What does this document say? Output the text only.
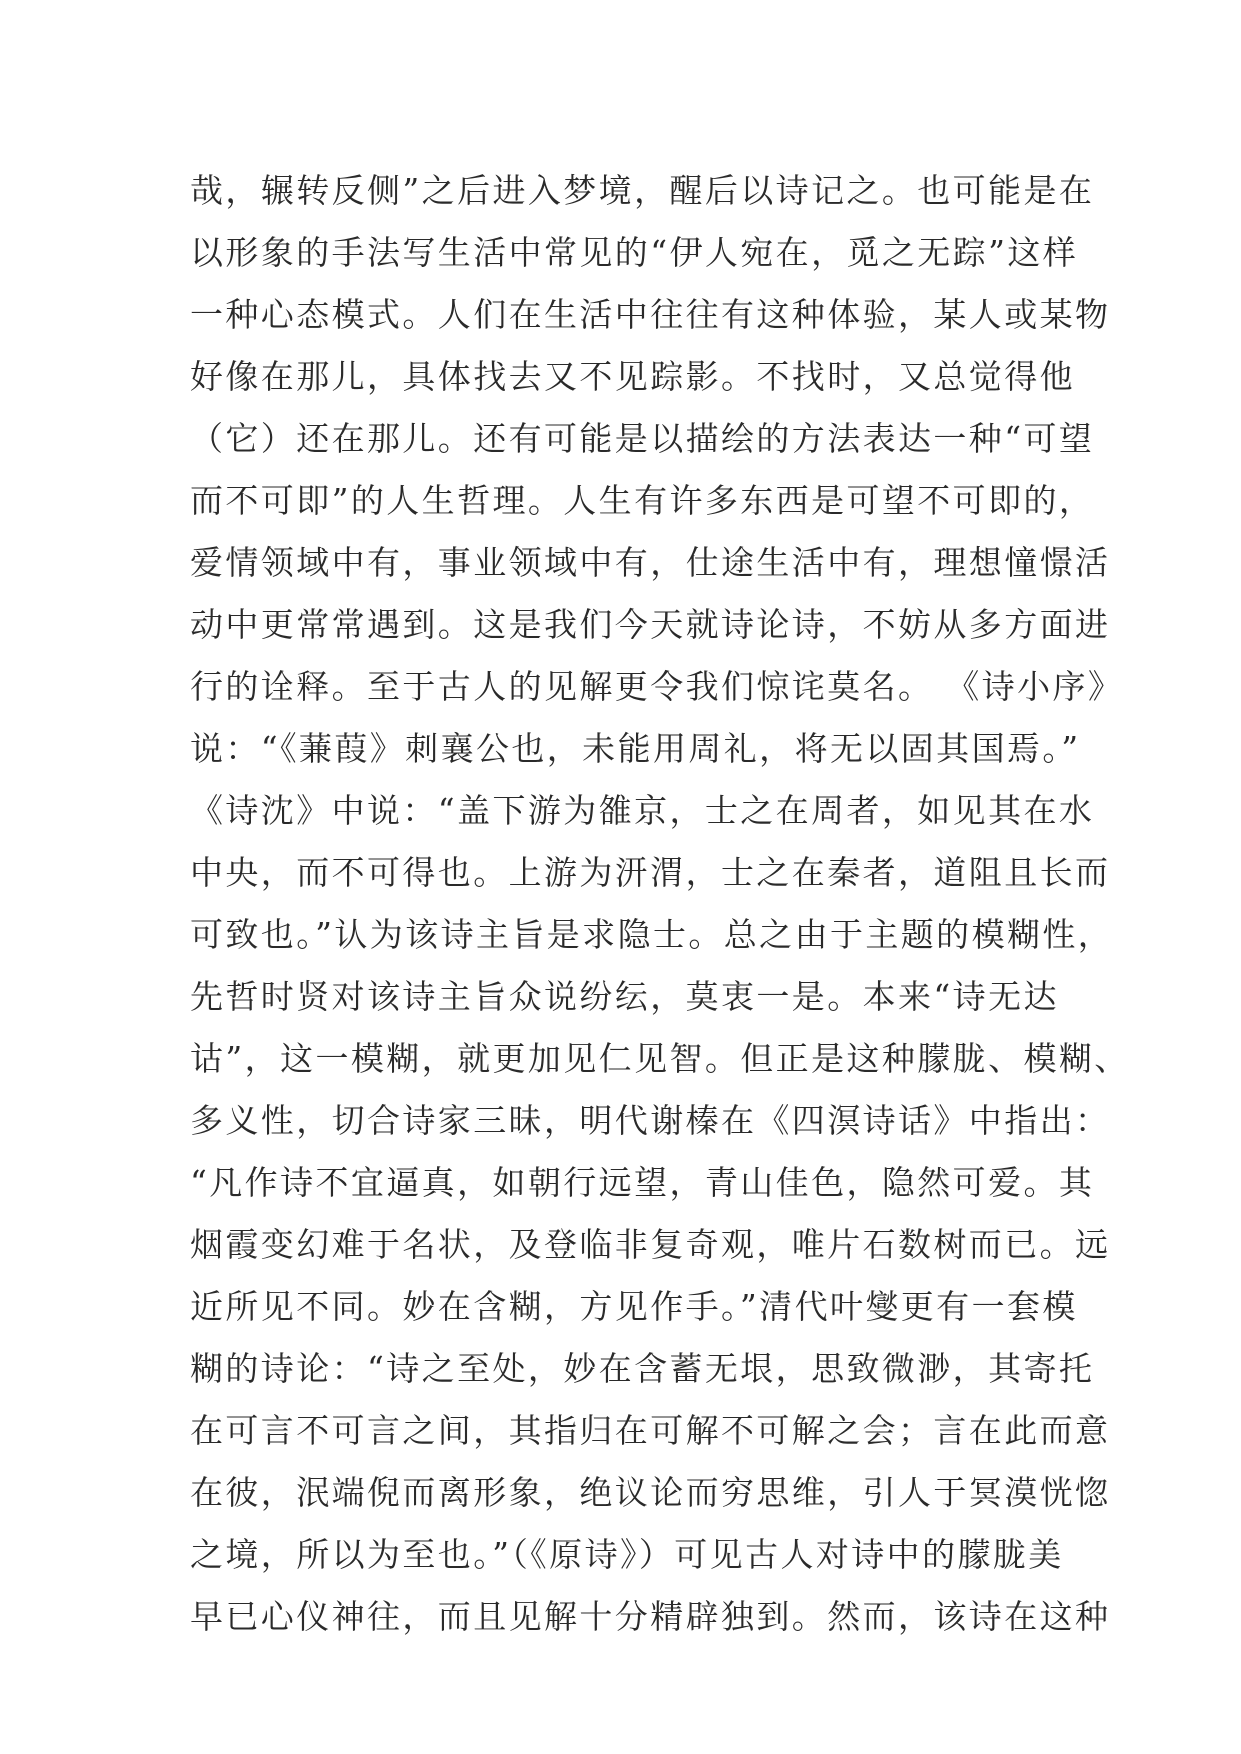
哉，辗转反侧”之后进入梦境，醒后以诗记之。也可能是在
以形象的手法写生活中常见的“伊人宛在，觅之无踪”这样
一种心态模式。人们在生活中往往有这种体验，某人或某物
好像在那儿，具体找去又不见踪影。不找时，又总觉得他
（它）还在那儿。还有可能是以描绘的方法表达一种“可望
而不可即”的人生哲理。人生有许多东西是可望不可即的，
爱情领域中有，事业领域中有，仕途生活中有，理想憧憬活
动中更常常遇到。这是我们今天就诗论诗，不妨从多方面进
行的诠释。至于古人的见解更令我们惊诧莫名。 《诗小序》
说：“《蒹葭》刺襄公也，未能用周礼，将无以固其国焉。”
《诗沈》中说：“盖下游为雒京，士之在周者，如见其在水
中央，而不可得也。上游为汧渭，士之在秦者，道阻且长而
可致也。”认为该诗主旨是求隐士。总之由于主题的模糊性，
先哲时贤对该诗主旨众说纷纭，莫衷一是。本来“诗无达
诂”，这一模糊，就更加见仁见智。但正是这种朦胧、模糊、
多义性，切合诗家三昧，明代谢榛在《四溟诗话》中指出：
“凡作诗不宜逼真，如朝行远望，青山佳色，隐然可爱。其
烟霞变幻难于名状，及登临非复奇观，唯片石数树而已。远
近所见不同。妙在含糊，方见作手。”清代叶燮更有一套模
糊的诗论：“诗之至处，妙在含蓄无垠，思致微渺，其寄托
在可言不可言之间，其指归在可解不可解之会；言在此而意
在彼，泯端倪而离形象，绝议论而穷思维，引人于冥漠恍惚
之境，所以为至也。”（《原诗》）可见古人对诗中的朦胧美
早已心仪神往，而且见解十分精辟独到。然而，该诗在这种
